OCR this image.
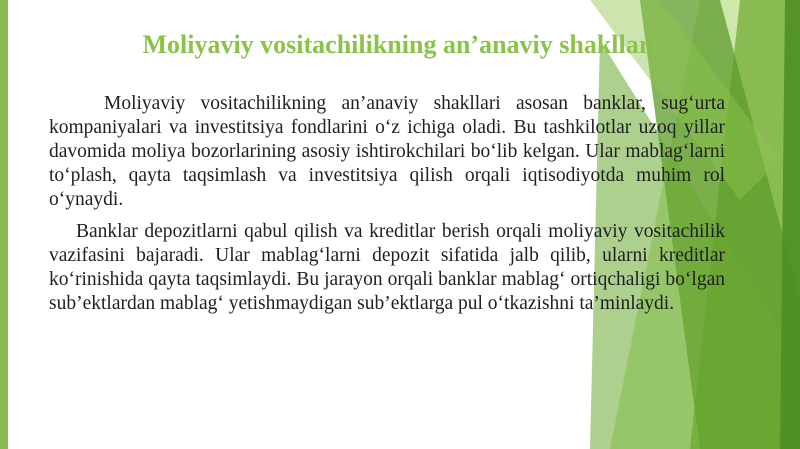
Moliyaviy vositachilikning an’anaviy shakllari

Moliyaviy vositachilikning an’anaviy shakllari asosan banklar, sug‘urta kompaniyalari va investitsiya fondlarini o‘z ichiga oladi. Bu tashkilotlar uzoq yillar davomida moliya bozorlarining asosiy ishtirokchilari bo‘lib kelgan. Ular mablag‘larni to‘plash, qayta taqsimlash va investitsiya qilish orqali iqtisodiyotda muhim rol o‘ynaydi.

Banklar depozitlarni qabul qilish va kreditlar berish orqali moliyaviy vositachilik vazifasini bajaradi. Ular mablag‘larni depozit sifatida jalb qilib, ularni kreditlar ko‘rinishida qayta taqsimlaydi. Bu jarayon orqali banklar mablag‘ ortiqchaligi bo‘lgan sub’ektlardan mablag‘ yetishmaydigan sub’ektlarga pul o‘tkazishni ta’minlaydi.
